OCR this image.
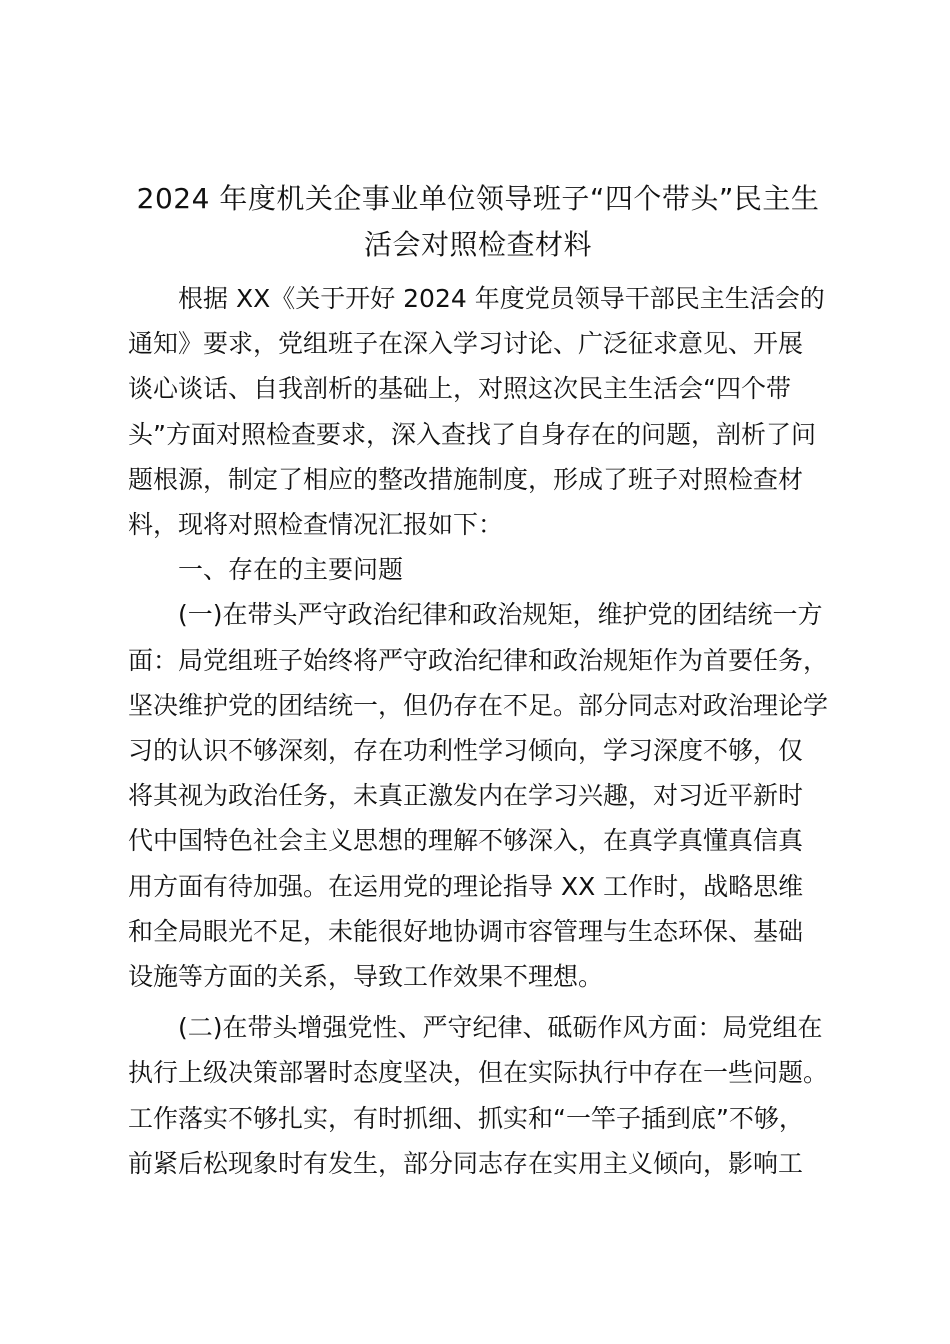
2024 年度机关企事业单位领导班子“四个带头”民主生
活会对照检查材料

根据 XX《关于开好 2024 年度党员领导干部民主生活会的
通知》要求，党组班子在深入学习讨论、广泛征求意见、开展
谈心谈话、自我剖析的基础上，对照这次民主生活会“四个带
头”方面对照检查要求，深入查找了自身存在的问题，剖析了问
题根源，制定了相应的整改措施制度，形成了班子对照检查材
料，现将对照检查情况汇报如下：

一、存在的主要问题

(一)在带头严守政治纪律和政治规矩，维护党的团结统一方
面：局党组班子始终将严守政治纪律和政治规矩作为首要任务，
坚决维护党的团结统一，但仍存在不足。部分同志对政治理论学
习的认识不够深刻，存在功利性学习倾向，学习深度不够，仅
将其视为政治任务，未真正激发内在学习兴趣，对习近平新时
代中国特色社会主义思想的理解不够深入，在真学真懂真信真
用方面有待加强。在运用党的理论指导 XX 工作时，战略思维
和全局眼光不足，未能很好地协调市容管理与生态环保、基础
设施等方面的关系，导致工作效果不理想。

(二)在带头增强党性、严守纪律、砥砺作风方面：局党组在
执行上级决策部署时态度坚决，但在实际执行中存在一些问题。
工作落实不够扎实，有时抓细、抓实和“一竿子插到底”不够，
前紧后松现象时有发生，部分同志存在实用主义倾向，影响工
